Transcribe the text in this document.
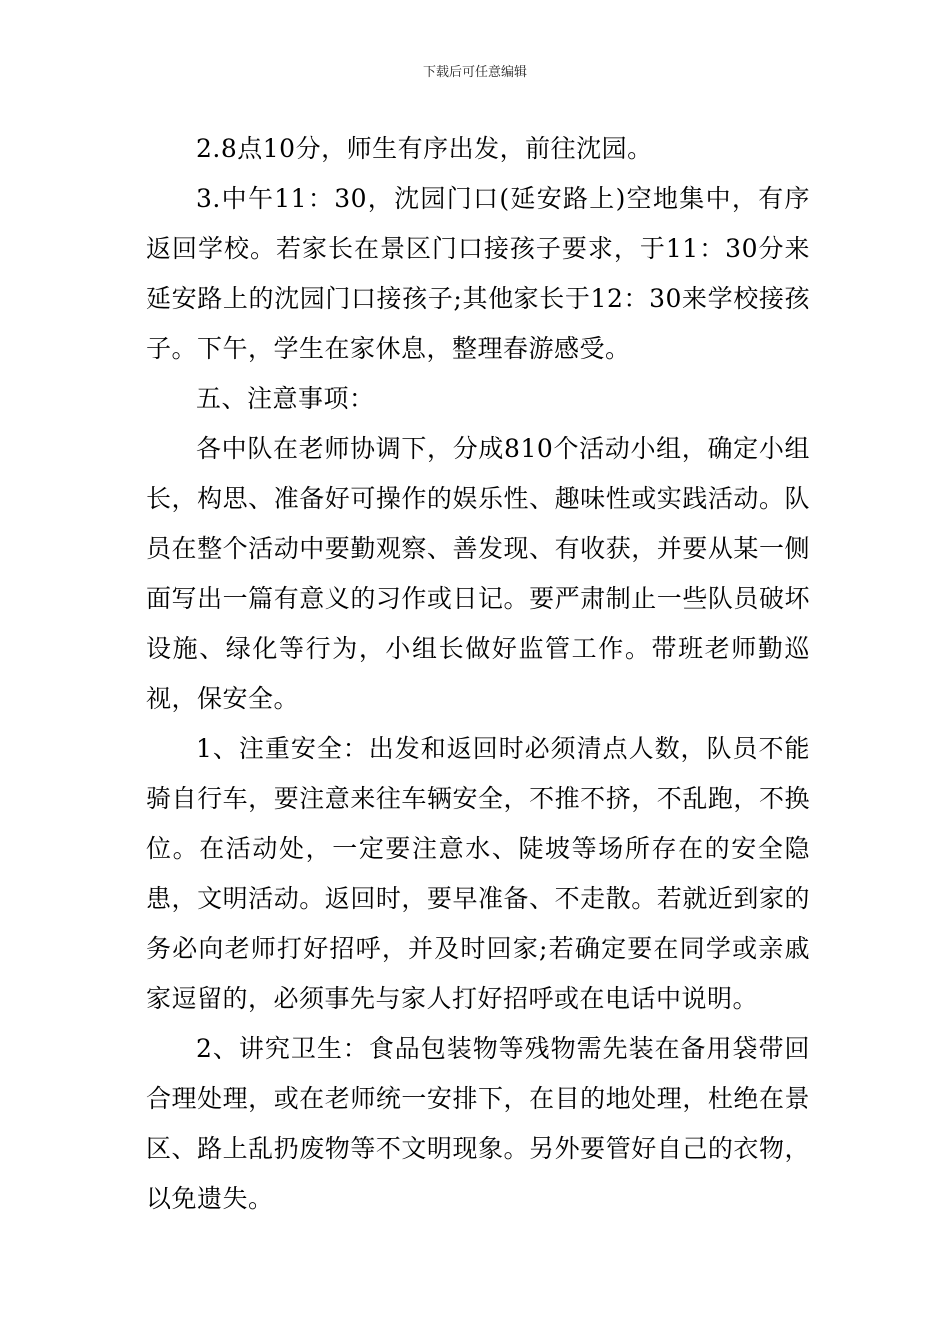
下载后可任意编辑

2.8点10分，师生有序出发，前往沈园。

3.中午11：30，沈园门口(延安路上)空地集中，有序返回学校。若家长在景区门口接孩子要求，于11：30分来延安路上的沈园门口接孩子;其他家长于12：30来学校接孩子。下午，学生在家休息，整理春游感受。

五、注意事项：

各中队在老师协调下，分成810个活动小组，确定小组长，构思、准备好可操作的娱乐性、趣味性或实践活动。队员在整个活动中要勤观察、善发现、有收获，并要从某一侧面写出一篇有意义的习作或日记。要严肃制止一些队员破坏设施、绿化等行为，小组长做好监管工作。带班老师勤巡视，保安全。

1、注重安全：出发和返回时必须清点人数，队员不能骑自行车，要注意来往车辆安全，不推不挤，不乱跑，不换位。在活动处，一定要注意水、陡坡等场所存在的安全隐患，文明活动。返回时，要早准备、不走散。若就近到家的务必向老师打好招呼，并及时回家;若确定要在同学或亲戚家逗留的，必须事先与家人打好招呼或在电话中说明。

2、讲究卫生：食品包装物等残物需先装在备用袋带回合理处理，或在老师统一安排下，在目的地处理，杜绝在景区、路上乱扔废物等不文明现象。另外要管好自己的衣物，以免遗失。
